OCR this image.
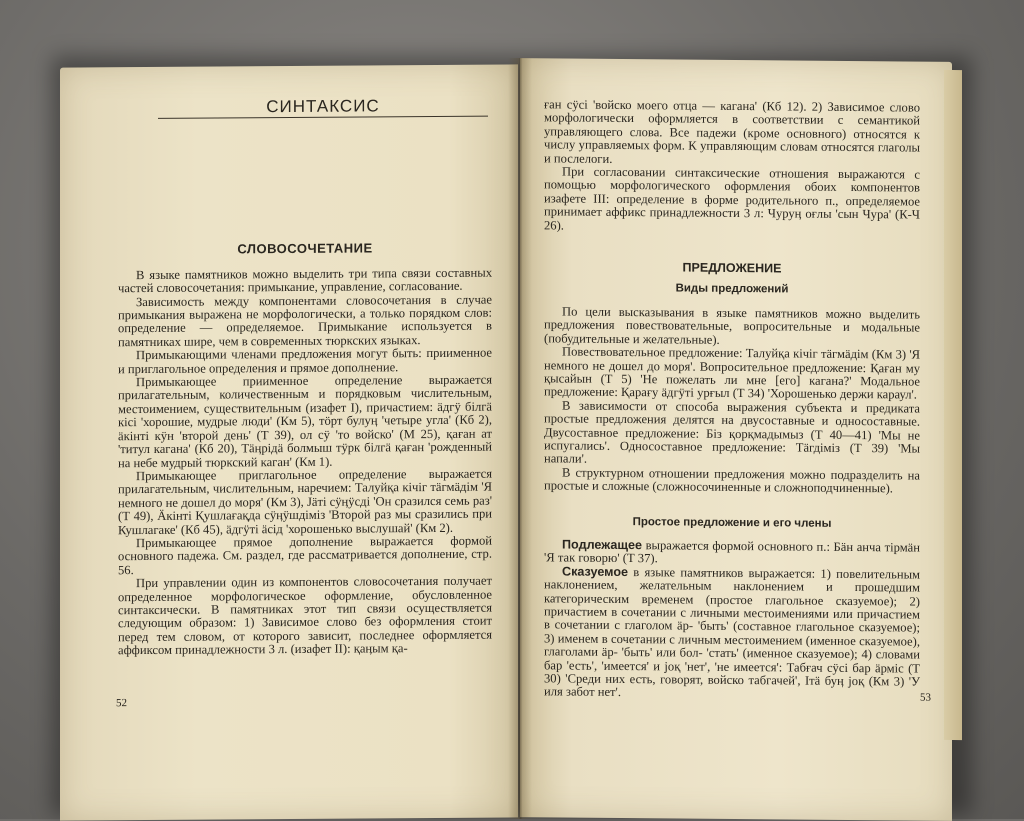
СИНТАКСИС
СЛОВОСОЧЕТАНИЕ

В языке памятников можно выделить три типа связи составных частей словосочетания: примыкание, управление, согласование.

Зависимость между компонентами словосочетания в случае примыкания выражена не морфологически, а только порядком слов: определение — определяемое. Примыкание используется в памятниках шире, чем в современных тюркских языках.

Примыкающими членами предложения могут быть: приименное и приглагольное определения и прямое дополнение.

Примыкающее приименное определение выражается прилагательным, количественным и порядковым числительным, местоимением, существительным (изафет I), причастием: äдгÿ бiлгä кiсi 'хорошие, мудрые люди' (Км 5), тöрт булуӊ 'четыре угла' (Кб 2), äкiнтi кӱн 'второй день' (Т 39), ол сÿ 'то войско' (М 25), қаған ат 'титул кагана' (Кб 20), Тäӊрiдä болмыш тÿрк бiлгä қаған 'рожденный на небе мудрый тюркский каган' (Км 1).

Примыкающее приглагольное определение выражается прилагательным, числительным, наречием: Талуйқа кiчiг тäгмäдiм 'Я немного не дошел до моря' (Км 3), Јäтi сÿӊÿсдi 'Он сразился семь раз' (Т 49), Äкiнтi Қушлағақда сÿӊÿшдiмiз 'Второй раз мы сразились при Кушлагаке' (Кб 45), äдгÿтi äсiд 'хорошенько выслушай' (Км 2).

Примыкающее прямое дополнение выражается формой основного падежа. См. раздел, где рассматривается дополнение, стр. 56.

При управлении один из компонентов словосочетания получает определенное морфологическое оформление, обусловленное синтаксически. В памятниках этот тип связи осуществляется следующим образом: 1) Зависимое слово без оформления стоит перед тем словом, от которого зависит, последнее оформляется аффиксом принадлежности 3 л. (изафет II): қаӊым қа-

52

ған сÿсi 'войско моего отца — кагана' (Кб 12). 2) Зависимое слово морфологически оформляется в соответствии с семантикой управляющего слова. Все падежи (кроме основного) относятся к числу управляемых форм. К управляющим словам относятся глаголы и послелоги.

При согласовании синтаксические отношения выражаются с помощью морфологического оформления обоих компонентов изафете III: определение в форме родительного п., определяемое принимает аффикс принадлежности 3 л: Чуруӊ оғлы 'сын Чура' (К-Ч 26).

ПРЕДЛОЖЕНИЕ
Виды предложений

По цели высказывания в языке памятников можно выделить предложения повествовательные, вопросительные и модальные (побудительные и желательные).

Повествовательное предложение: Талуйқа кiчiг тäгмäдiм (Км 3) 'Я немного не дошел до моря'. Вопросительное предложение: Қаған му қысайын (Т 5) 'Не пожелать ли мне [его] кагана?' Модальное предложение: Қарағу äдгÿтi урғыл (Т 34) 'Хорошенько держи караул'.

В зависимости от способа выражения субъекта и предиката простые предложения делятся на двусоставные и односоставные. Двусоставное предложение: Бiз қорқмадымыз (Т 40—41) 'Мы не испугались'. Односоставное предложение: Тäгдiмiз (Т 39) 'Мы напали'.

В структурном отношении предложения можно подразделить на простые и сложные (сложносочиненные и сложноподчиненные).

Простое предложение и его члены

Подлежащее выражается формой основного п.: Бäн анча тiрмäн 'Я так говорю' (Т 37).

Сказуемое в языке памятников выражается: 1) повелительным наклонением, желательным наклонением и прошедшим категорическим временем (простое глагольное сказуемое); 2) причастием в сочетании с личными местоимениями или причастием в сочетании с глаголом äр- 'быть' (составное глагольное сказуемое); 3) именем в сочетании с личным местоимением (именное сказуемое), глаголами äр- 'быть' или бол- 'стать' (именное сказуемое); 4) словами бар 'есть', 'имеется' и јоқ 'нет', 'не имеется': Табғач сÿсi бар äрмiс (Т 30) 'Среди них есть, говорят, войско табгачей', Iтä буӊ јоқ (Км 3) 'У иля забот нет'.	53
